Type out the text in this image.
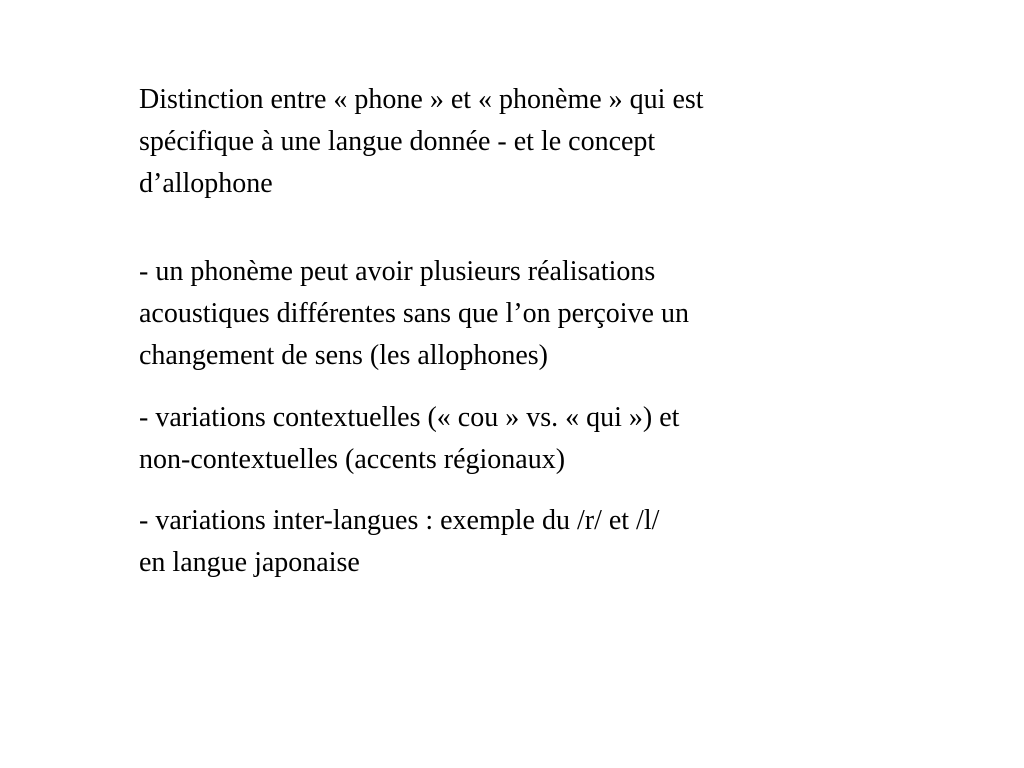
Distinction entre « phone » et « phonème » qui est
spécifique à une langue donnée - et le concept
d’allophone

- un phonème peut avoir plusieurs réalisations
acoustiques différentes sans que l’on perçoive un
changement de sens (les allophones)

- variations contextuelles (« cou » vs. « qui ») et
non-contextuelles (accents régionaux)

- variations inter-langues : exemple du /r/ et /l/
en langue japonaise
